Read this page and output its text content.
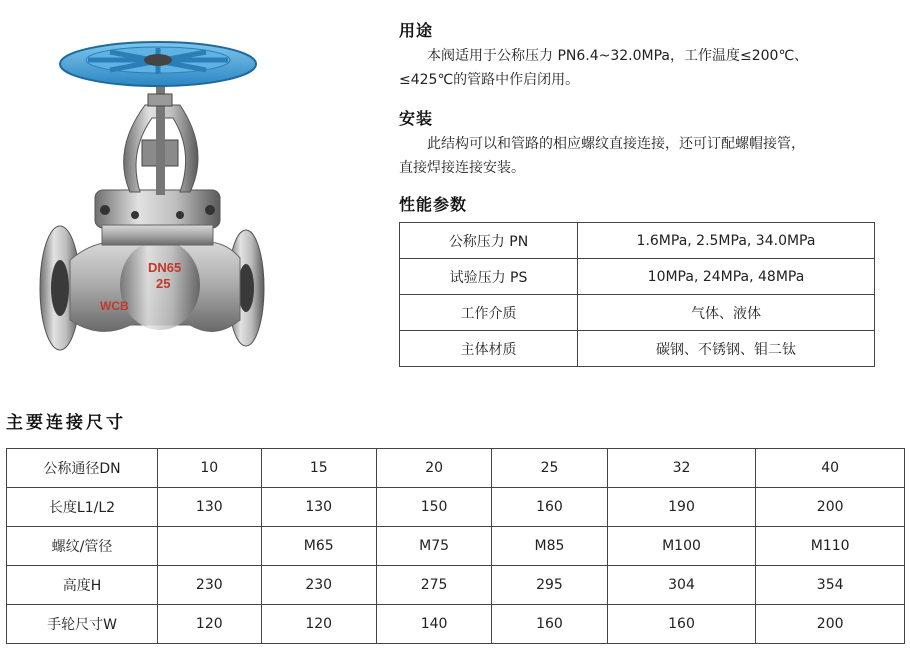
DN65
25
WCB
用途
本阀适用于公称压力 PN6.4~32.0MPa，工作温度≤200℃、
≤425℃的管路中作启闭用。
安装
此结构可以和管路的相应螺纹直接连接，还可订配螺帽接管，
直接焊接连接安装。
性能参数
公称压力 PN	1.6MPa, 2.5MPa, 34.0MPa
试验压力 PS	10MPa, 24MPa, 48MPa
工作介质	气体、液体
主体材质	碳钢、不锈钢、钼二钛
主要连接尺寸
公称通径DN	10	15	20	25	32	40
长度L1/L2	130	130	150	160	190	200
螺纹/管径		M65	M75	M85	M100	M110
高度H	230	230	275	295	304	354
手轮尺寸W	120	120	140	160	160	200
